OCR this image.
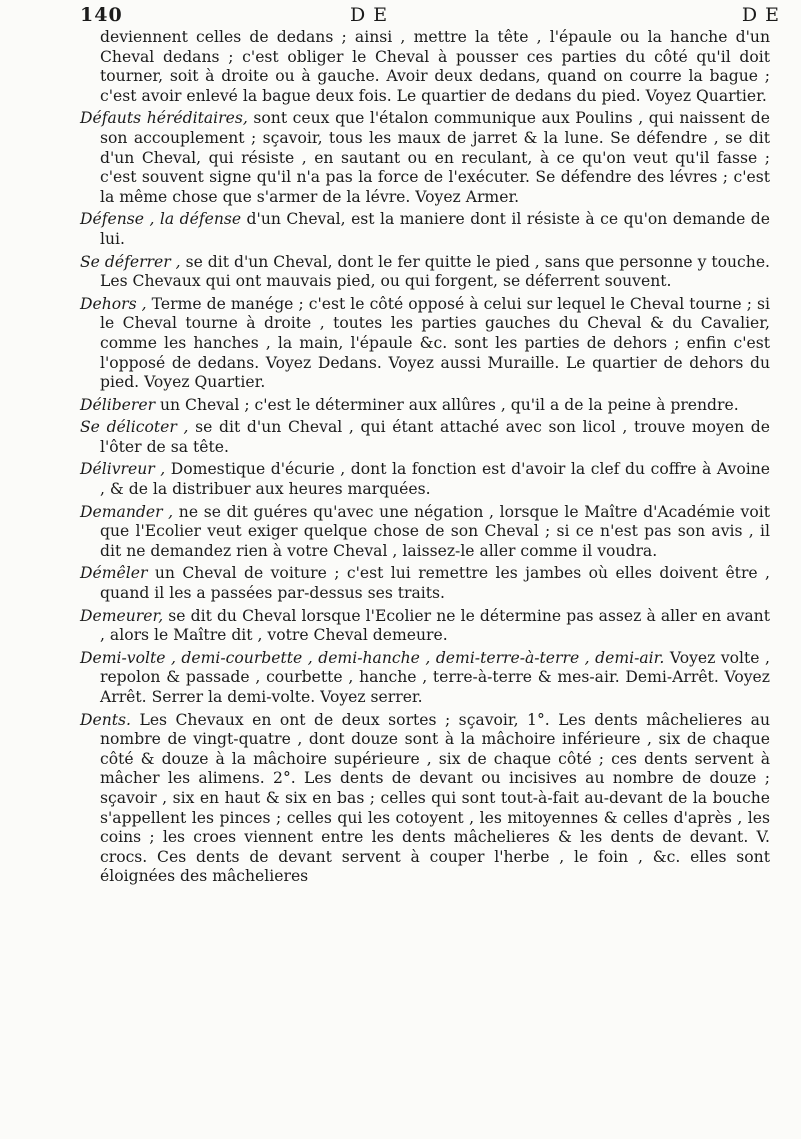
140	D E	D E

deviennent celles de dedans ; ainsi , mettre la tête , l'épaule ou la hanche d'un Cheval dedans ; c'est obliger le Cheval à pousser ces parties du côté qu'il doit tourner, soit à droite ou à gauche. Avoir deux dedans, quand on courre la bague ; c'est avoir enlevé la bague deux fois. Le quartier de dedans du pied. Voyez Quartier.

Défauts héréditaires, sont ceux que l'étalon communique aux Poulins , qui naissent de son accouplement ; sçavoir, tous les maux de jarret & la lune. Se défendre , se dit d'un Cheval, qui résiste , en sautant ou en reculant, à ce qu'on veut qu'il fasse ; c'est souvent signe qu'il n'a pas la force de l'exécuter. Se défendre des lévres ; c'est la même chose que s'armer de la lévre. Voyez Armer.

Défense , la défense d'un Cheval, est la maniere dont il résiste à ce qu'on demande de lui.

Se déferrer , se dit d'un Cheval, dont le fer quitte le pied , sans que personne y touche. Les Chevaux qui ont mauvais pied, ou qui forgent, se déferrent souvent.

Dehors , Terme de manége ; c'est le côté opposé à celui sur lequel le Cheval tourne ; si le Cheval tourne à droite , toutes les parties gauches du Cheval & du Cavalier, comme les hanches , la main, l'épaule &c. sont les parties de dehors ; enfin c'est l'opposé de dedans. Voyez Dedans. Voyez aussi Muraille. Le quartier de dehors du pied. Voyez Quartier.

Déliberer un Cheval ; c'est le déterminer aux allûres , qu'il a de la peine à prendre.

Se délicoter , se dit d'un Cheval , qui étant attaché avec son licol , trouve moyen de l'ôter de sa tête.

Délivreur , Domestique d'écurie , dont la fonction est d'avoir la clef du coffre à Avoine , & de la distribuer aux heures marquées.

Demander , ne se dit guéres qu'avec une négation , lorsque le Maître d'Académie voit que l'Ecolier veut exiger quelque chose de son Cheval ; si ce n'est pas son avis , il dit ne demandez rien à votre Cheval , laissez-le aller comme il voudra.

Démêler un Cheval de voiture ; c'est lui remettre les jambes où elles doivent être , quand il les a passées par-dessus ses traits.

Demeurer, se dit du Cheval lorsque l'Ecolier ne le détermine pas assez à aller en avant , alors le Maître dit , votre Cheval demeure.

Demi-volte , demi-courbette , demi-hanche , demi-terre-à-terre , demi-air. Voyez volte , repolon & passade , courbette , hanche , terre-à-terre & mes-air. Demi-Arrêt. Voyez Arrêt. Serrer la demi-volte. Voyez serrer.

Dents. Les Chevaux en ont de deux sortes ; sçavoir, 1°. Les dents mâchelieres au nombre de vingt-quatre , dont douze sont à la mâchoire inférieure , six de chaque côté & douze à la mâchoire supérieure , six de chaque côté ; ces dents servent à mâcher les alimens. 2°. Les dents de devant ou incisives au nombre de douze ; sçavoir , six en haut & six en bas ; celles qui sont tout-à-fait au-devant de la bouche s'appellent les pinces ; celles qui les cotoyent , les mitoyennes & celles d'après , les coins ; les croes viennent entre les dents mâchelieres & les dents de devant. V. crocs. Ces dents de devant servent à couper l'herbe , le foin , &c. elles sont éloignées des mâchelieres
